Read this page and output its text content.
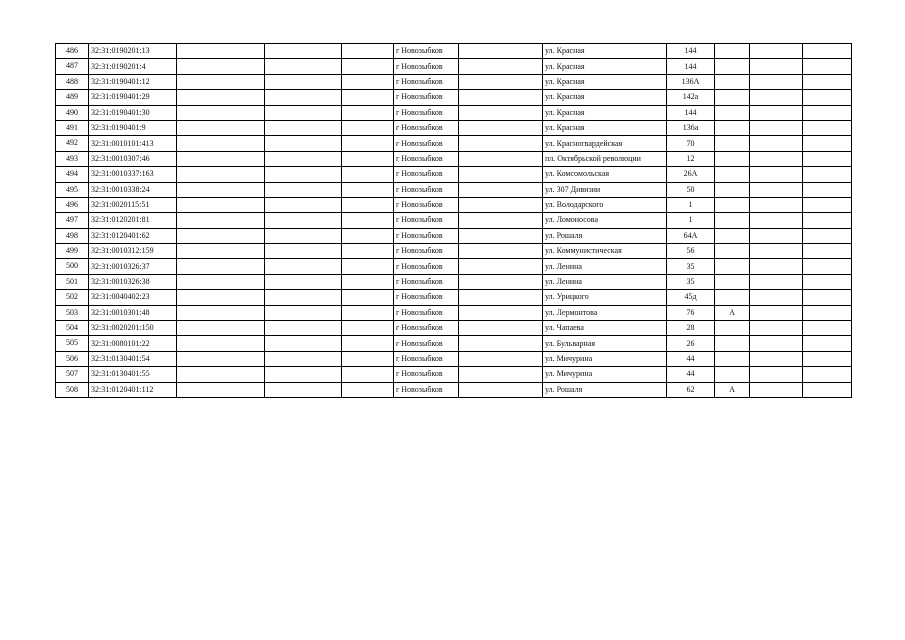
486	32:31:0190201:13				г Новозыбков		ул. Красная	144			
487	32:31:0190201:4				г Новозыбков		ул. Красная	144			
488	32:31:0190401:12				г Новозыбков		ул. Красная	136А			
489	32:31:0190401:29				г Новозыбков		ул. Красная	142а			
490	32:31:0190401:30				г Новозыбков		ул. Красная	144			
491	32:31:0190401:9				г Новозыбков		ул. Красная	136а			
492	32:31:0010101:413				г Новозыбков		ул. Красногвардейская	70			
493	32:31:0010307:46				г Новозыбков		пл. Октябрьской революции	12			
494	32:31:0010337:163				г Новозыбков		ул. Комсомольская	26А			
495	32:31:0010338:24				г Новозыбков		ул. 307 Дивизии	50			
496	32:31:0020115:51				г Новозыбков		ул. Володарского	1			
497	32:31:0120201:81				г Новозыбков		ул. Ломоносова	1			
498	32:31:0120401:62				г Новозыбков		ул. Рошаля	64А			
499	32:31:0010312:159				г Новозыбков		ул. Коммунистическая	56			
500	32:31:0010326:37				г Новозыбков		ул. Ленина	35			
501	32:31:0010326:38				г Новозыбков		ул. Ленина	35			
502	32:31:0040402:23				г Новозыбков		ул. Урицкого	45д			
503	32:31:0010301:48				г Новозыбков		ул. Лермонтова	76	А		
504	32:31:0020201:150				г Новозыбков		ул. Чапаева	28			
505	32:31:0080101:22				г Новозыбков		ул. Бульварная	26			
506	32:31:0130401:54				г Новозыбков		ул. Мичурина	44			
507	32:31:0130401:55				г Новозыбков		ул. Мичурина	44			
508	32:31:0120401:112				г Новозыбков		ул. Рошаля	62	А		
